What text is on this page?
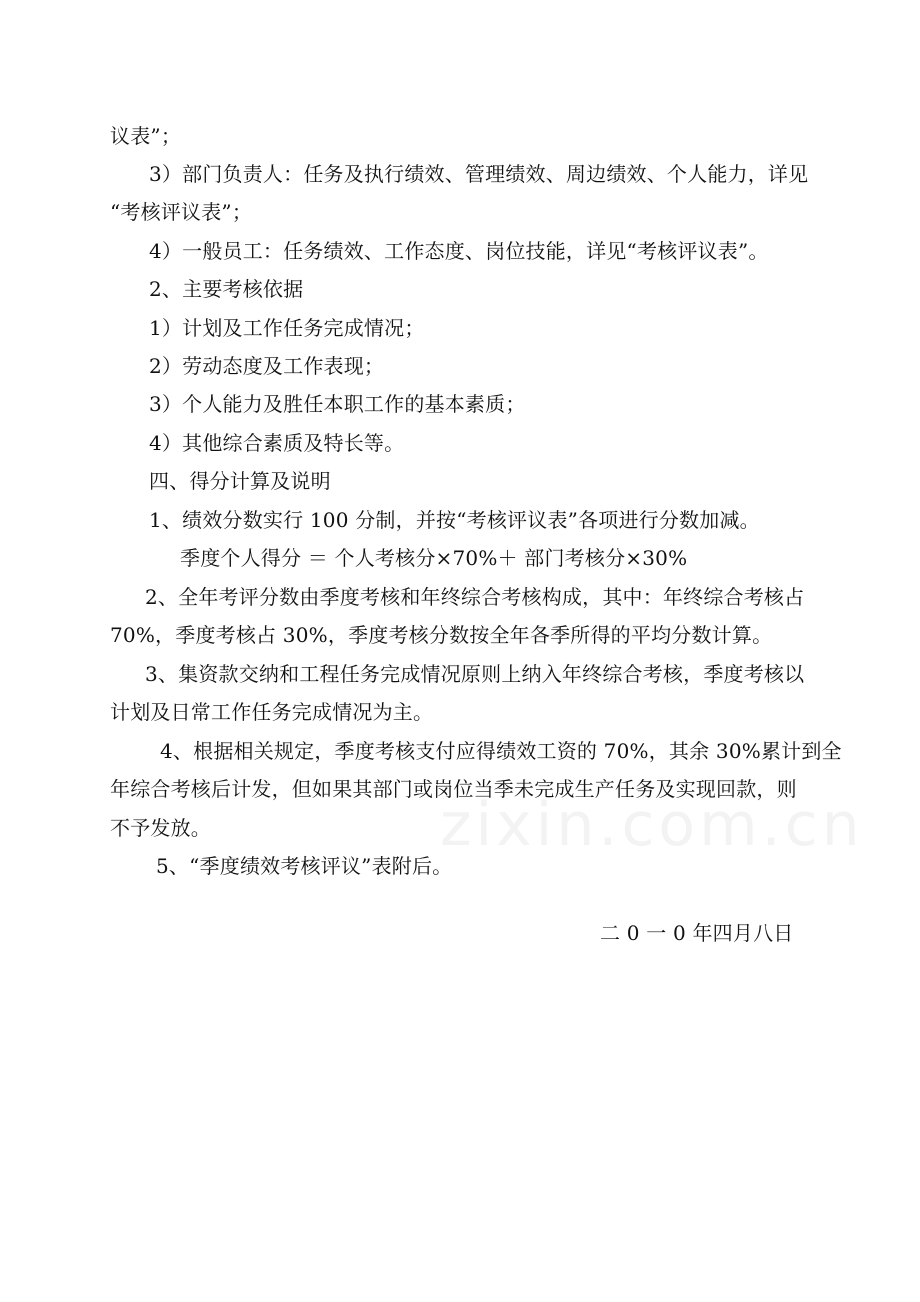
议表”；
3）部门负责人：任务及执行绩效、管理绩效、周边绩效、个人能力，详见
“考核评议表”；
4）一般员工：任务绩效、工作态度、岗位技能，详见“考核评议表”。
2、主要考核依据
1）计划及工作任务完成情况；
2）劳动态度及工作表现；
3）个人能力及胜任本职工作的基本素质；
4）其他综合素质及特长等。
四、得分计算及说明
1、绩效分数实行 100 分制，并按“考核评议表”各项进行分数加减。
季度个人得分 ＝ 个人考核分×70%＋ 部门考核分×30%
2、全年考评分数由季度考核和年终综合考核构成，其中：年终综合考核占
70%，季度考核占 30%，季度考核分数按全年各季所得的平均分数计算。
3、集资款交纳和工程任务完成情况原则上纳入年终综合考核，季度考核以
计划及日常工作任务完成情况为主。
4、根据相关规定，季度考核支付应得绩效工资的 70%，其余 30%累计到全
年综合考核后计发，但如果其部门或岗位当季未完成生产任务及实现回款，则
不予发放。
5、“季度绩效考核评议”表附后。
二 0 一 0 年四月八日
zixin.com.cn
